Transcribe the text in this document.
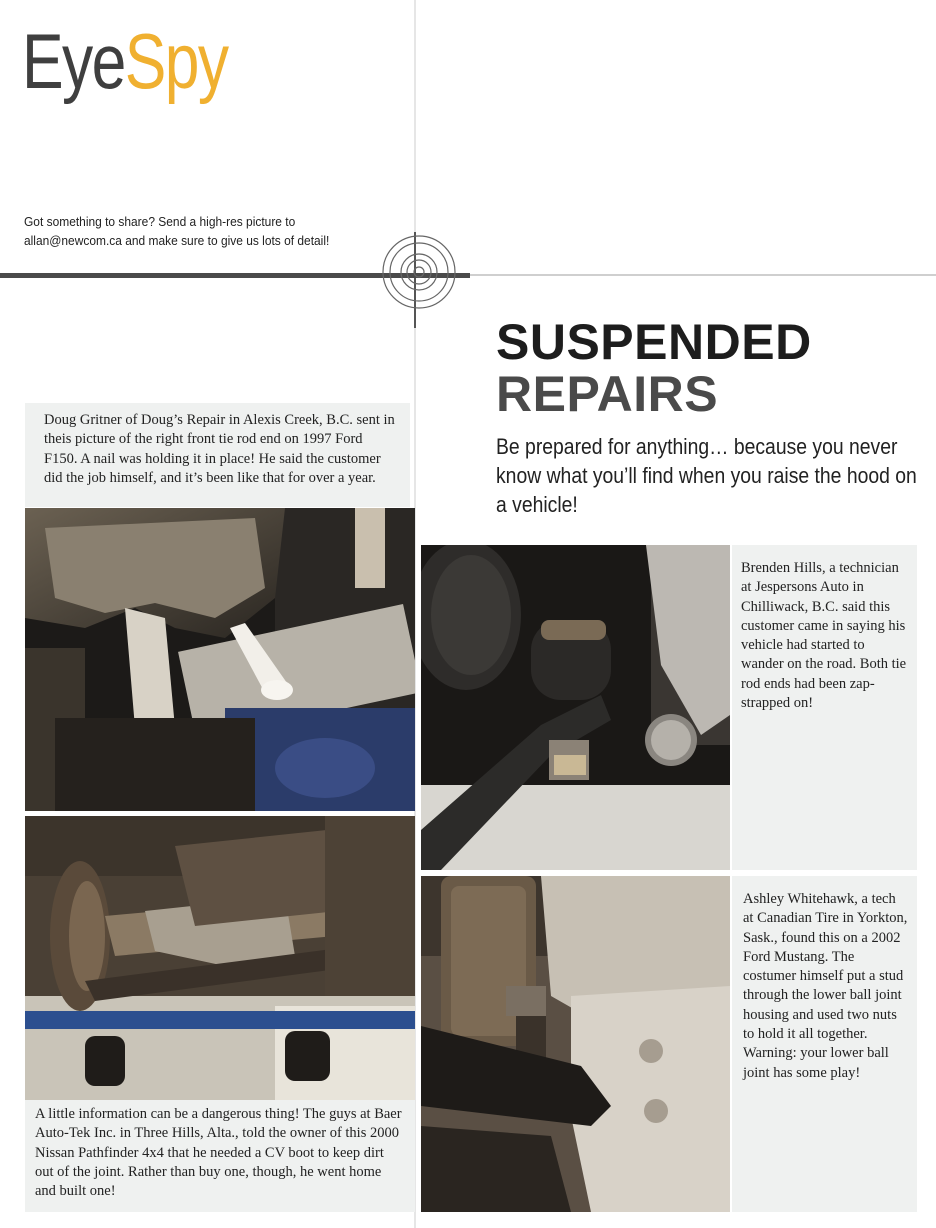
EyeSpy
Got something to share? Send a high-res picture to allan@newcom.ca and make sure to give us lots of detail!
SUSPENDED
REPAIRS
Be prepared for anything… because you never know what you’ll find when you raise the hood on a vehicle!
Doug Gritner of Doug’s Repair in Alexis Creek, B.C. sent in theis picture of the right front tie rod end on 1997 Ford F150. A nail was holding it in place! He said the customer did the job himself, and it’s been like that for over a year.
A little information can be a dangerous thing! The guys at Baer Auto-Tek Inc. in Three Hills, Alta., told the owner of this 2000 Nissan Pathfinder 4x4 that he needed a CV boot to keep dirt out of the joint. Rather than buy one, though, he went home and built one!
Brenden Hills, a technician at Jespersons Auto in Chilliwack, B.C. said this customer came in saying his vehicle had started to wander on the road. Both tie rod ends had been zap-strapped on!
Ashley Whitehawk, a tech at Canadian Tire in Yorkton, Sask., found this on a 2002 Ford Mustang. The costumer himself put a stud through the lower ball joint housing and used two nuts to hold it all together. Warning: your lower ball joint has some play!
